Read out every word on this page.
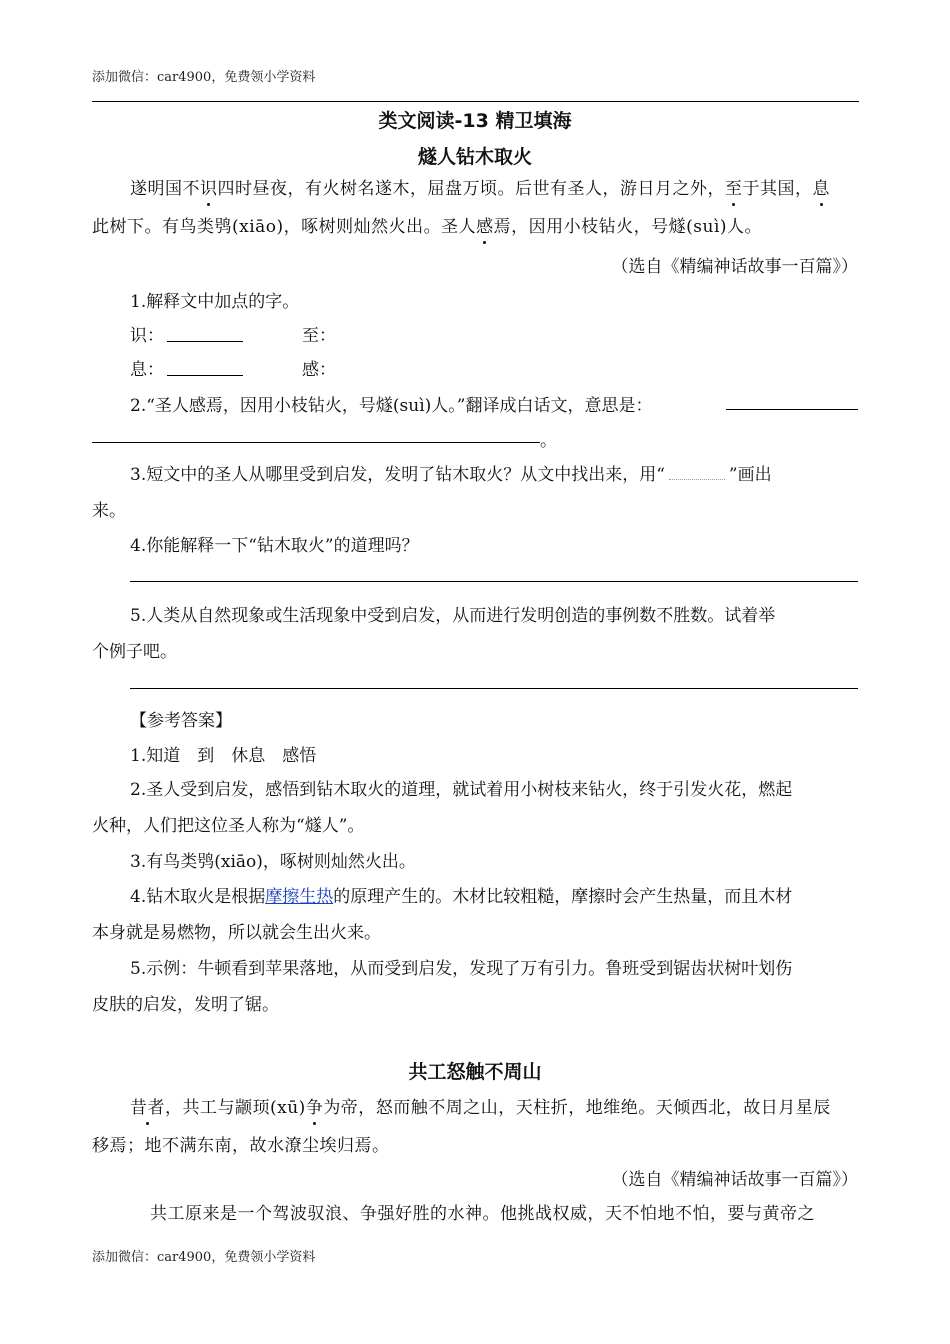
添加微信：car4900，免费领小学资料
类文阅读-13 精卫填海
燧人钻木取火
遂明国不识四时昼夜，有火树名遂木，屈盘万顷。后世有圣人，游日月之外，至于其国，息
此树下。有鸟类鸮(xiāo)，啄树则灿然火出。圣人感焉，因用小枝钻火，号燧(suì)人。
（选自《精编神话故事一百篇》）
1.解释文中加点的字。
识：	至：
息：	感：
2.“圣人感焉，因用小枝钻火，号燧(suì)人。”翻译成白话文，意思是：
。
3.短文中的圣人从哪里受到启发，发明了钻木取火？从文中找出来，用“	”画出
来。
4.你能解释一下“钻木取火”的道理吗？
5.人类从自然现象或生活现象中受到启发，从而进行发明创造的事例数不胜数。试着举
个例子吧。
【参考答案】
1.知道　到　休息　感悟
2.圣人受到启发，感悟到钻木取火的道理，就试着用小树枝来钻火，终于引发火花，燃起
火种，人们把这位圣人称为“燧人”。
3.有鸟类鸮(xiāo)，啄树则灿然火出。
4.钻木取火是根据摩擦生热的原理产生的。木材比较粗糙，摩擦时会产生热量，而且木材
本身就是易燃物，所以就会生出火来。
5.示例：牛顿看到苹果落地，从而受到启发，发现了万有引力。鲁班受到锯齿状树叶划伤
皮肤的启发，发明了锯。
共工怒触不周山
昔者，共工与颛顼(xū)争为帝，怒而触不周之山，天柱折，地维绝。天倾西北，故日月星辰
移焉；地不满东南，故水潦尘埃归焉。
（选自《精编神话故事一百篇》）
共工原来是一个驾波驭浪、争强好胜的水神。他挑战权威，天不怕地不怕，要与黄帝之
添加微信：car4900，免费领小学资料
